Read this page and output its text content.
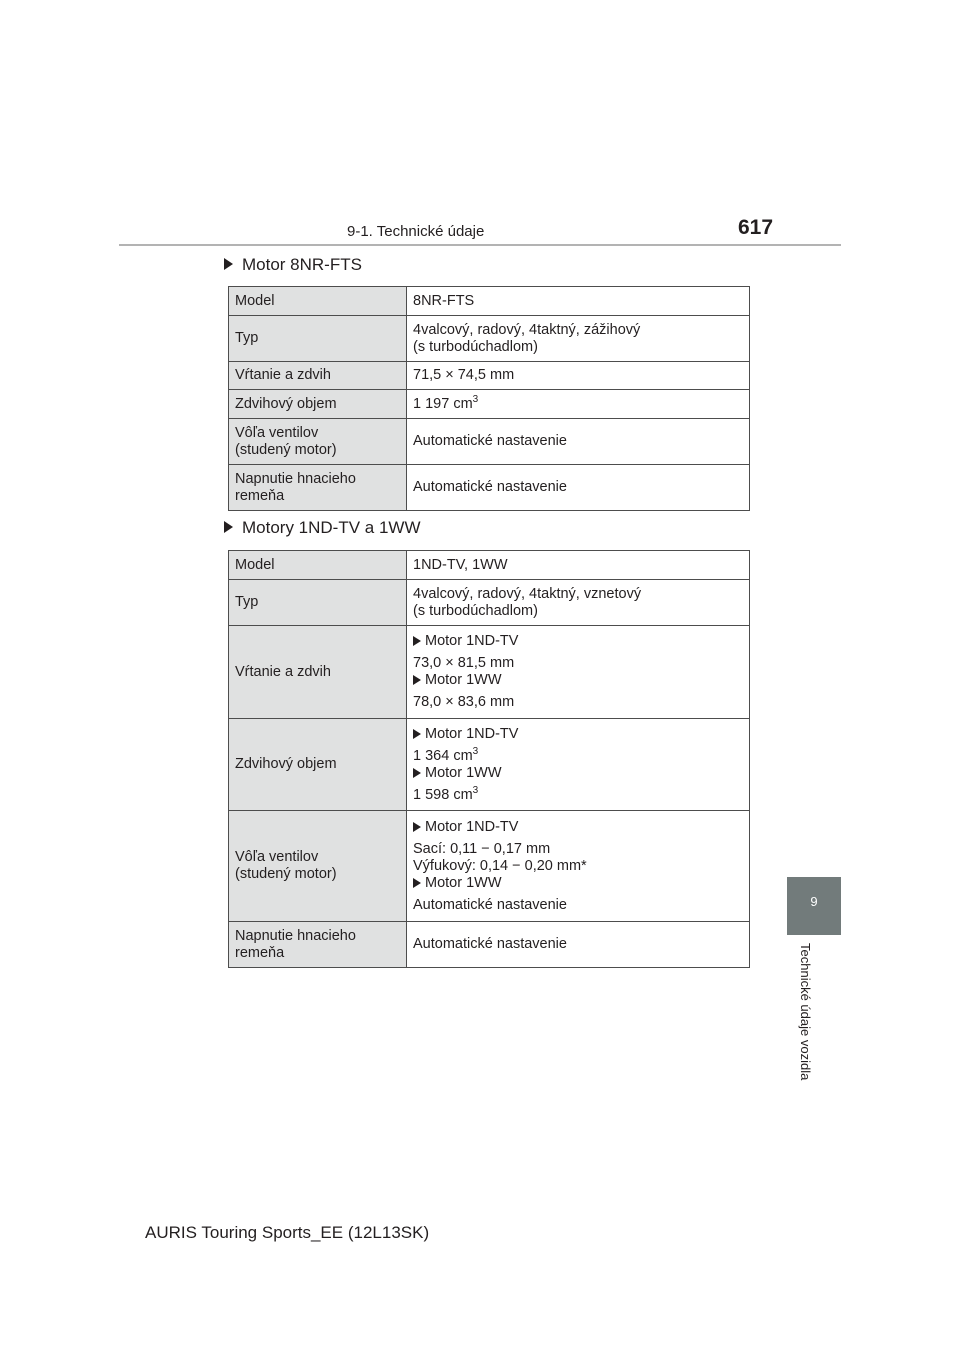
9-1. Technické údaje	617
Motor 8NR-FTS
Model	8NR-FTS
Typ	4valcový, radový, 4taktný, zážihový
(s turbodúchadlom)

Vŕtanie a zdvih	71,5 × 74,5 mm
Zdvihový objem	1 197 $cm^3$

Vôľa ventilov
(studený motor)	Automatické nastavenie

Napnutie hnacieho
remeňa	Automatické nastavenie
Motory 1ND-TV a 1WW
Model	1ND-TV, 1WW
Typ	4valcový, radový, 4taktný, vznetový
(s turbodúchadlom)

Vŕtanie a zdvih	Motor 1ND-TV
73,0 × 81,5 mm
Motor 1WW
78,0 × 83,6 mm

Zdvihový objem	Motor 1ND-TV
1 364 $cm^3$
Motor 1WW
1 598 $cm^3$

Vôľa ventilov
(studený motor)	Motor 1ND-TV
Sací: 0,11 − 0,17 mm
Výfukový: 0,14 − 0,20 mm*
Motor 1WW
Automatické nastavenie

Napnutie hnacieho
remeňa	Automatické nastavenie
9
Technické údaje vozidla
AURIS Touring Sports_EE (12L13SK)
